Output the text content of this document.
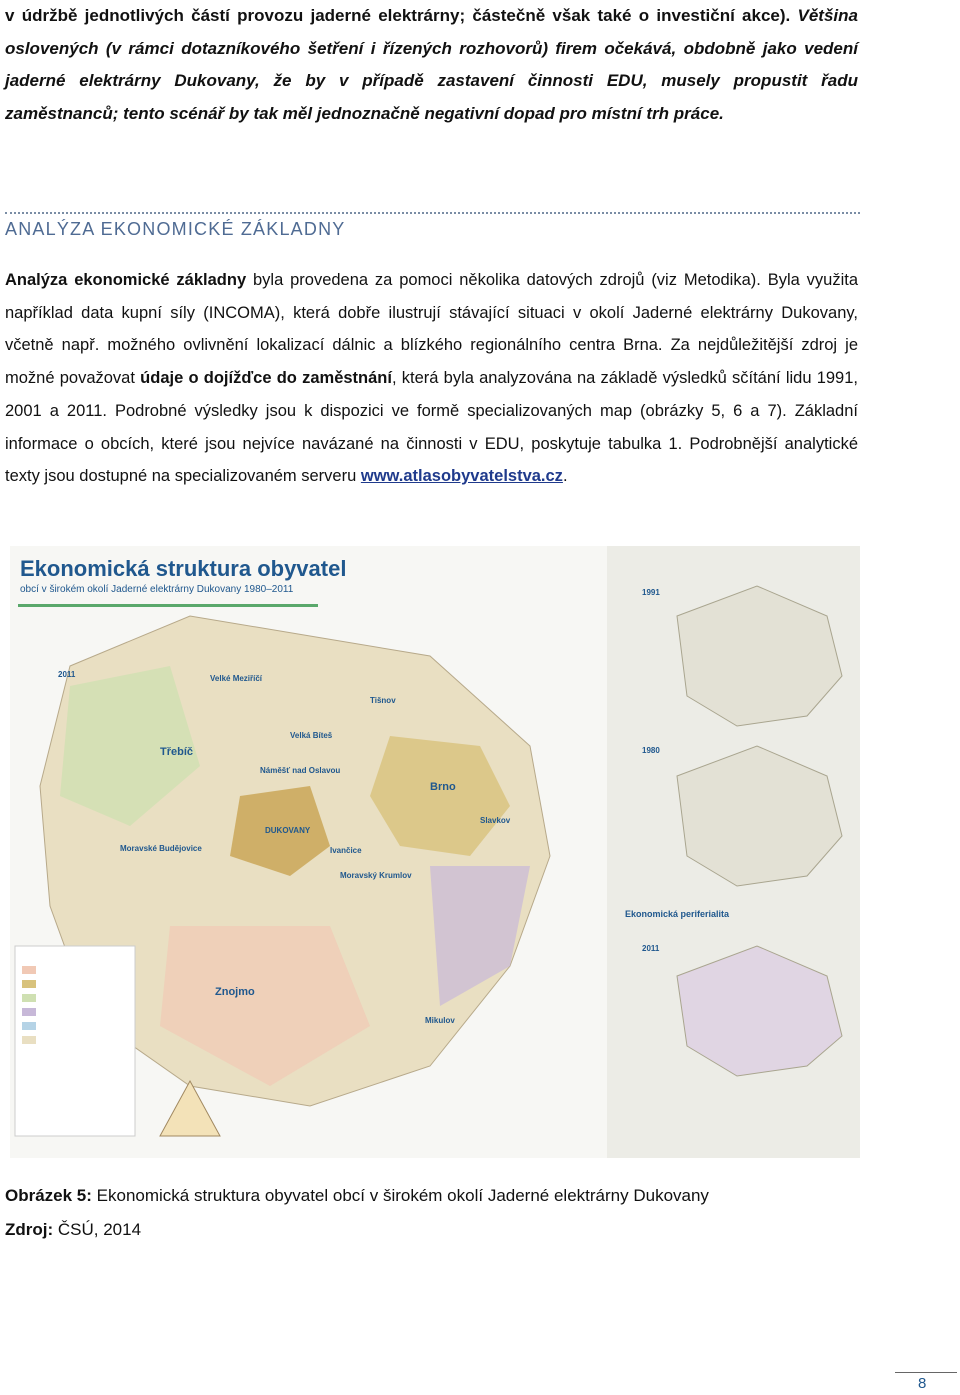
v údržbě jednotlivých částí provozu jaderné elektrárny; částečně však také o investiční akce). Většina oslovených (v rámci dotazníkového šetření i řízených rozhovorů) firem očekává, obdobně jako vedení jaderné elektrárny Dukovany, že by v případě zastavení činnosti EDU, musely propustit řadu zaměstnanců; tento scénář by tak měl jednoznačně negativní dopad pro místní trh práce.
ANALÝZA EKONOMICKÉ ZÁKLADNY
Analýza ekonomické základny byla provedena za pomoci několika datových zdrojů (viz Metodika). Byla využita například data kupní síly (INCOMA), která dobře ilustrují stávající situaci v okolí Jaderné elektrárny Dukovany, včetně např. možného ovlivnění lokalizací dálnic a blízkého regionálního centra Brna. Za nejdůležitější zdroj je možné považovat údaje o dojížďce do zaměstnání, která byla analyzována na základě výsledků sčítání lidu 1991, 2001 a 2011. Podrobné výsledky jsou k dispozici ve formě specializovaných map (obrázky 5, 6 a 7). Základní informace o obcích, které jsou nejvíce navázané na činnosti v EDU, poskytuje tabulka 1. Podrobnější analytické texty jsou dostupné na specializovaném serveru www.atlasobyvatelstva.cz.
Ekonomická struktura obyvatel
obcí v širokém okolí Jaderné elektrárny Dukovany 1980–2011
2011	Velké Meziříčí
Tišnov
Velká Bíteš
Třebíč
Náměšť nad Oslavou
Brno
DUKOVANY
Ivančice
Moravské Budějovice
Moravský Krumlov
Znojmo
Mikulov
Slavkov
1991
1980
Ekonomická periferialita
2011
Obrázek 5: Ekonomická struktura obyvatel obcí v širokém okolí Jaderné elektrárny Dukovany
Zdroj: ČSÚ, 2014
8
